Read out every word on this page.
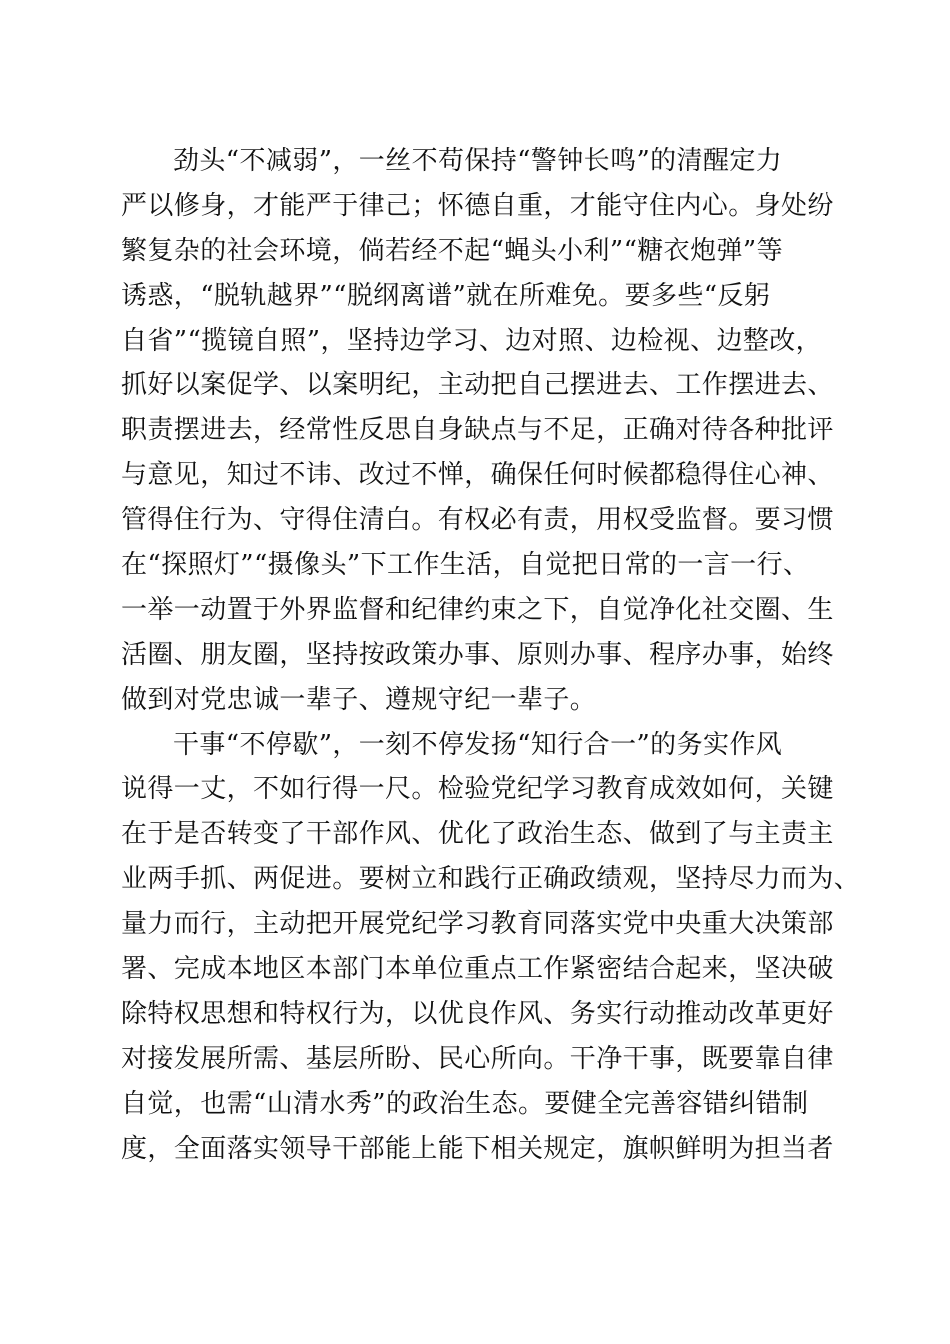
劲头“不减弱”，一丝不苟保持“警钟长鸣”的清醒定力
严以修身，才能严于律己；怀德自重，才能守住内心。身处纷
繁复杂的社会环境，倘若经不起“蝇头小利”“糖衣炮弹”等
诱惑，“脱轨越界”“脱纲离谱”就在所难免。要多些“反躬
自省”“揽镜自照”，坚持边学习、边对照、边检视、边整改，
抓好以案促学、以案明纪，主动把自己摆进去、工作摆进去、
职责摆进去，经常性反思自身缺点与不足，正确对待各种批评
与意见，知过不讳、改过不惮，确保任何时候都稳得住心神、
管得住行为、守得住清白。有权必有责，用权受监督。要习惯
在“探照灯”“摄像头”下工作生活，自觉把日常的一言一行、
一举一动置于外界监督和纪律约束之下，自觉净化社交圈、生
活圈、朋友圈，坚持按政策办事、原则办事、程序办事，始终
做到对党忠诚一辈子、遵规守纪一辈子。
干事“不停歇”，一刻不停发扬“知行合一”的务实作风
说得一丈，不如行得一尺。检验党纪学习教育成效如何，关键
在于是否转变了干部作风、优化了政治生态、做到了与主责主
业两手抓、两促进。要树立和践行正确政绩观，坚持尽力而为、
量力而行，主动把开展党纪学习教育同落实党中央重大决策部
署、完成本地区本部门本单位重点工作紧密结合起来，坚决破
除特权思想和特权行为，以优良作风、务实行动推动改革更好
对接发展所需、基层所盼、民心所向。干净干事，既要靠自律
自觉，也需“山清水秀”的政治生态。要健全完善容错纠错制
度，全面落实领导干部能上能下相关规定，旗帜鲜明为担当者
